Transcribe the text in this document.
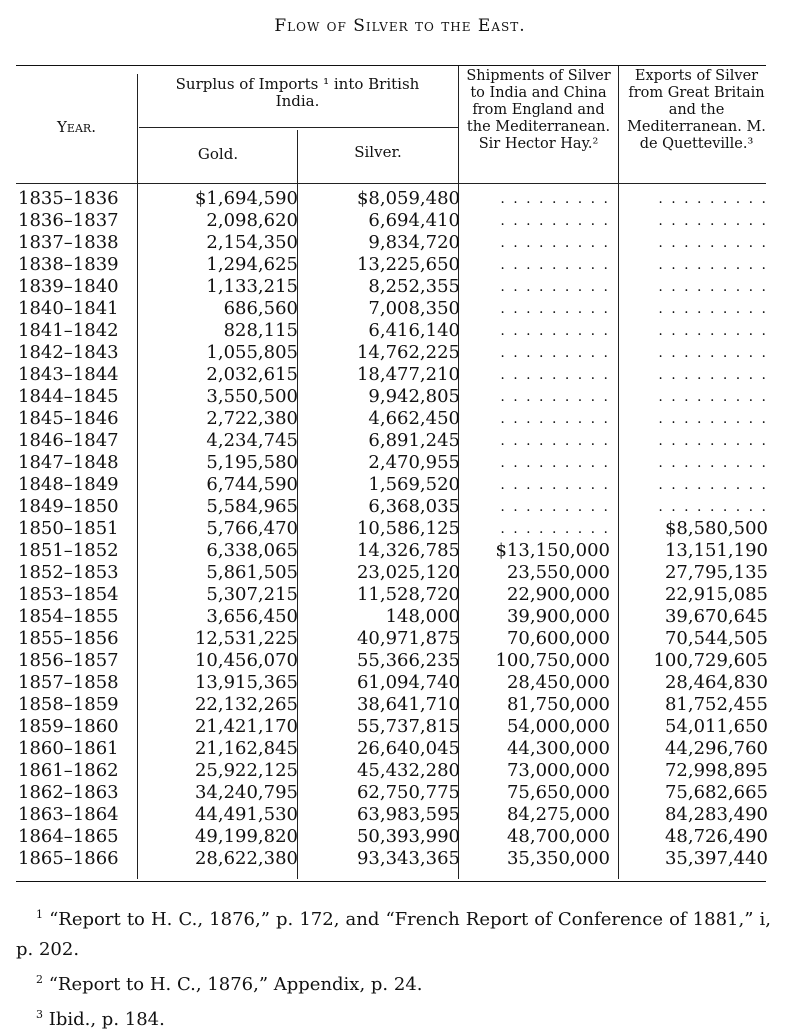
Flow of Silver to the East.
Year.
Surplus of Imports ¹ into British India.
Gold.	Silver.
Shipments of Silver to India and China from England and the Mediterranean. Sir Hector Hay.²
Exports of Silver from Great Britain and the Mediterranean. M. de Quetteville.³
1835–1836	$1,694,590	$8,059,480	. . . . . . . . .	. . . . . . . . .
1836–1837	2,098,620	6,694,410	. . . . . . . . .	. . . . . . . . .
1837–1838	2,154,350	9,834,720	. . . . . . . . .	. . . . . . . . .
1838–1839	1,294,625	13,225,650	. . . . . . . . .	. . . . . . . . .
1839–1840	1,133,215	8,252,355	. . . . . . . . .	. . . . . . . . .
1840–1841	686,560	7,008,350	. . . . . . . . .	. . . . . . . . .
1841–1842	828,115	6,416,140	. . . . . . . . .	. . . . . . . . .
1842–1843	1,055,805	14,762,225	. . . . . . . . .	. . . . . . . . .
1843–1844	2,032,615	18,477,210	. . . . . . . . .	. . . . . . . . .
1844–1845	3,550,500	9,942,805	. . . . . . . . .	. . . . . . . . .
1845–1846	2,722,380	4,662,450	. . . . . . . . .	. . . . . . . . .
1846–1847	4,234,745	6,891,245	. . . . . . . . .	. . . . . . . . .
1847–1848	5,195,580	2,470,955	. . . . . . . . .	. . . . . . . . .
1848–1849	6,744,590	1,569,520	. . . . . . . . .	. . . . . . . . .
1849–1850	5,584,965	6,368,035	. . . . . . . . .	. . . . . . . . .
1850–1851	5,766,470	10,586,125	. . . . . . . . .	$8,580,500
1851–1852	6,338,065	14,326,785 $13,150,000	13,151,190
1852–1853	5,861,505	23,025,120	23,550,000	27,795,135
1853–1854	5,307,215	11,528,720	22,900,000	22,915,085
1854–1855	3,656,450	148,000	39,900,000	39,670,645
1855–1856	12,531,225	40,971,875	70,600,000	70,544,505
1856–1857	10,456,070	55,366,235 100,750,000 100,729,605
1857–1858	13,915,365	61,094,740	28,450,000	28,464,830
1858–1859	22,132,265	38,641,710	81,750,000	81,752,455
1859–1860	21,421,170	55,737,815	54,000,000	54,011,650
1860–1861	21,162,845	26,640,045	44,300,000	44,296,760
1861–1862	25,922,125	45,432,280	73,000,000	72,998,895
1862–1863	34,240,795	62,750,775	75,650,000	75,682,665
1863–1864	44,491,530	63,983,595	84,275,000	84,283,490
1864–1865	49,199,820	50,393,990	48,700,000	48,726,490
1865–1866	28,622,380	93,343,365	35,350,000	35,397,440
$^1$ “Report to H. C., 1876,” p. 172, and “French Report of Conference of 1881,” i, p. 202.
$^2$ “Report to H. C., 1876,” Appendix, p. 24.
$^3$ Ibid., p. 184.
